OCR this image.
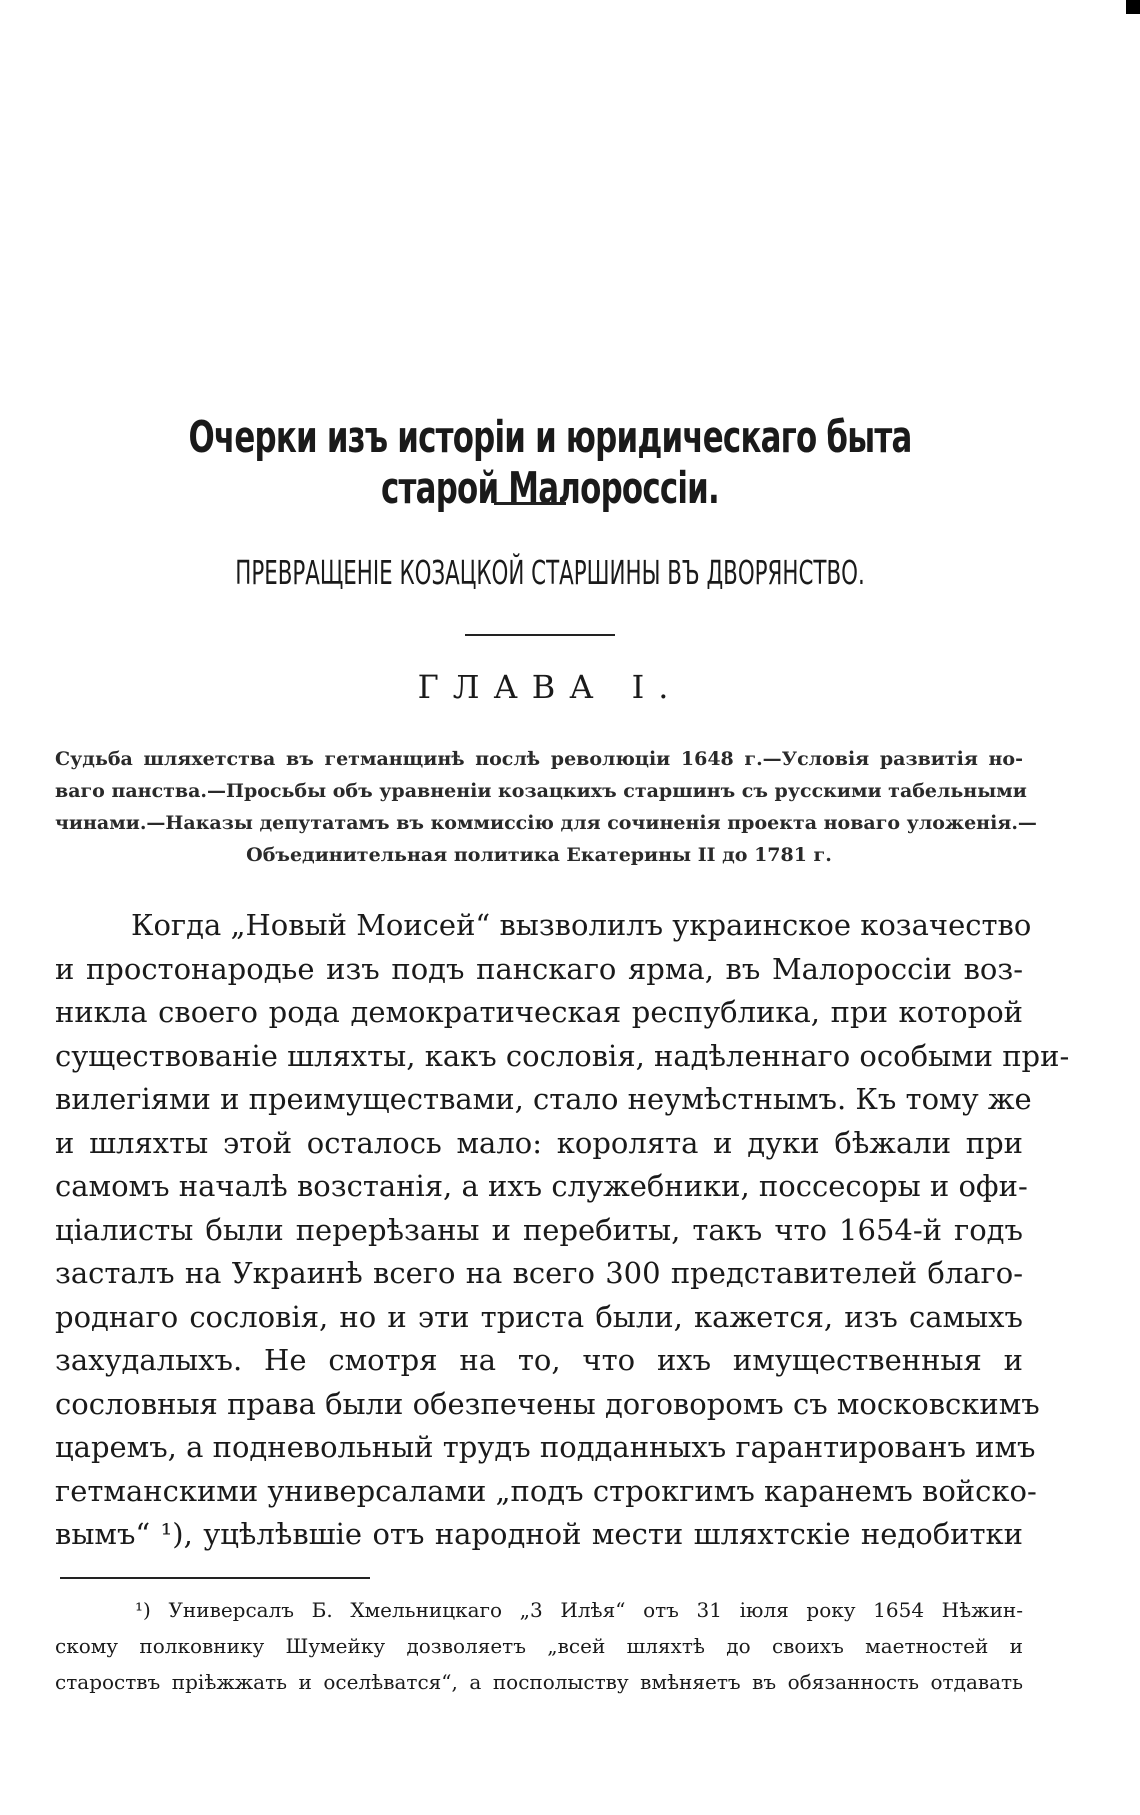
Очерки изъ исторіи и юридическаго быта старой Малороссіи.
ПРЕВРАЩЕНІЕ КОЗАЦКОЙ СТАРШИНЫ ВЪ ДВОРЯНСТВО.
ГЛАВА I.
Судьба шляхетства въ гетманщинѣ послѣ революціи 1648 г.—Условія развитія но-
ваго панства.—Просьбы объ уравненіи козацкихъ старшинъ съ русскими табельными
чинами.—Наказы депутатамъ въ коммиссію для сочиненія проекта новаго уложенія.—
Объединительная политика Екатерины II до 1781 г.
Когда „Новый Моисей“ вызволилъ украинское козачество
и простонародье изъ подъ панскаго ярма, въ Малороссіи воз-
никла своего рода демократическая республика, при которой
существованіе шляхты, какъ сословія, надѣленнаго особыми при-
вилегіями и преимуществами, стало неумѣстнымъ. Къ тому же
и шляхты этой осталось мало: королята и дуки бѣжали при
самомъ началѣ возстанія, а ихъ служебники, поссесоры и офи-
ціалисты были перерѣзаны и перебиты, такъ что 1654-й годъ
засталъ на Украинѣ всего на всего 300 представителей благо-
роднаго сословія, но и эти триста были, кажется, изъ самыхъ
захудалыхъ. Не смотря на то, что ихъ имущественныя и
сословныя права были обезпечены договоромъ съ московскимъ
царемъ, а подневольный трудъ подданныхъ гарантированъ имъ
гетманскими универсалами „подъ строкгимъ каранемъ войско-
вымъ“ ¹), уцѣлѣвшіе отъ народной мести шляхтскіе недобитки
¹) Универсалъ Б. Хмельницкаго „3 Илѣя“ отъ 31 іюля року 1654 Нѣжин-
скому полковнику Шумейку дозволяетъ „всей шляхтѣ до своихъ маетностей и
староствъ прiѣжжать и оселѣватся“, а посполыству вмѣняетъ въ обязанность отдавать
